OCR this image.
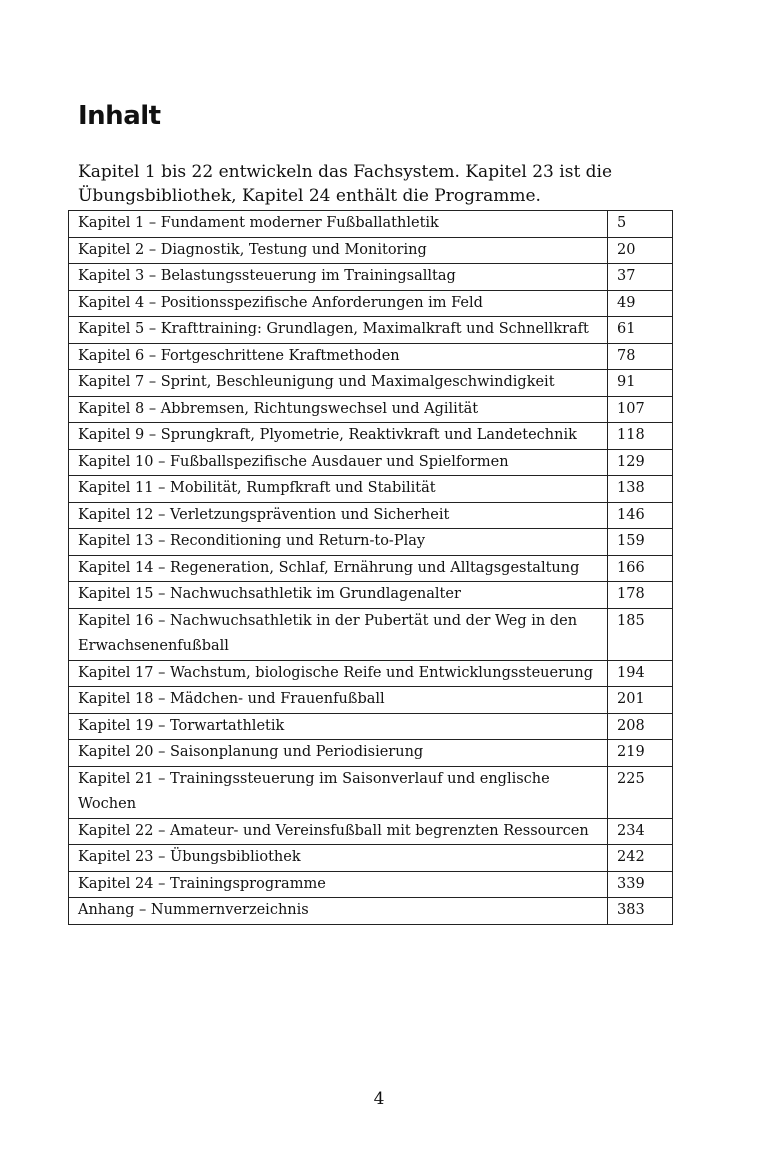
Inhalt

Kapitel 1 bis 22 entwickeln das Fachsystem. Kapitel 23 ist die Übungsbibliothek, Kapitel 24 enthält die Programme.

Kapitel 1 – Fundament moderner Fußballathletik	5
Kapitel 2 – Diagnostik, Testung und Monitoring	20
Kapitel 3 – Belastungssteuerung im Trainingsalltag	37
Kapitel 4 – Positionsspezifische Anforderungen im Feld	49
Kapitel 5 – Krafttraining: Grundlagen, Maximalkraft und Schnellkraft	61
Kapitel 6 – Fortgeschrittene Kraftmethoden	78
Kapitel 7 – Sprint, Beschleunigung und Maximalgeschwindigkeit	91
Kapitel 8 – Abbremsen, Richtungswechsel und Agilität	107
Kapitel 9 – Sprungkraft, Plyometrie, Reaktivkraft und Landetechnik	118
Kapitel 10 – Fußballspezifische Ausdauer und Spielformen	129
Kapitel 11 – Mobilität, Rumpfkraft und Stabilität	138
Kapitel 12 – Verletzungsprävention und Sicherheit	146
Kapitel 13 – Reconditioning und Return-to-Play	159
Kapitel 14 – Regeneration, Schlaf, Ernährung und Alltagsgestaltung	166
Kapitel 15 – Nachwuchsathletik im Grundlagenalter	178
Kapitel 16 – Nachwuchsathletik in der Pubertät und der Weg in den Erwachsenenfußball	185
Kapitel 17 – Wachstum, biologische Reife und Entwicklungssteuerung	194
Kapitel 18 – Mädchen- und Frauenfußball	201
Kapitel 19 – Torwartathletik	208
Kapitel 20 – Saisonplanung und Periodisierung	219
Kapitel 21 – Trainingssteuerung im Saisonverlauf und englische Wochen	225
Kapitel 22 – Amateur- und Vereinsfußball mit begrenzten Ressourcen	234
Kapitel 23 – Übungsbibliothek	242
Kapitel 24 – Trainingsprogramme	339
Anhang – Nummernverzeichnis	383
4
